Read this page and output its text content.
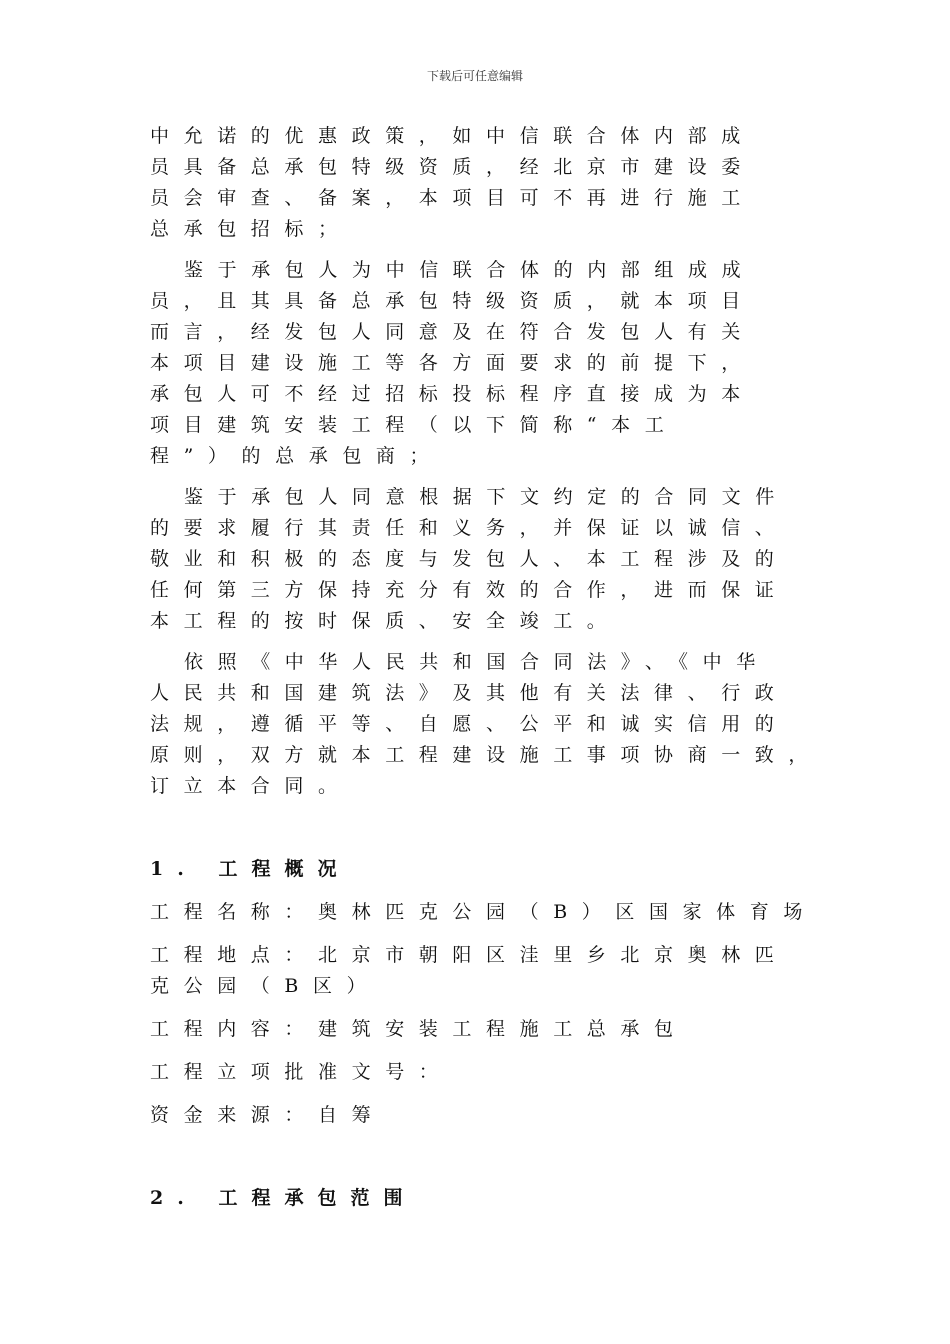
下载后可任意编辑
中允诺的优惠政策，如中信联合体内部成
员具备总承包特级资质，经北京市建设委
员会审查、备案，本项目可不再进行施工
总承包招标；
鉴于承包人为中信联合体的内部组成成
员，且其具备总承包特级资质，就本项目
而言，经发包人同意及在符合发包人有关
本项目建设施工等各方面要求的前提下，
承包人可不经过招标投标程序直接成为本
项目建筑安装工程（以下简称“本工
程”）的总承包商；
鉴于承包人同意根据下文约定的合同文件
的要求履行其责任和义务，并保证以诚信、
敬业和积极的态度与发包人、本工程涉及的
任何第三方保持充分有效的合作，进而保证
本工程的按时保质、安全竣工。
依照《中华人民共和国合同法》、《中华
人民共和国建筑法》及其他有关法律、行政
法规，遵循平等、自愿、公平和诚实信用的
原则，双方就本工程建设施工事项协商一致，
订立本合同。
1. 工程概况
工程名称：奥林匹克公园（B）区国家体育场
工程地点：北京市朝阳区洼里乡北京奥林匹
克公园（B区）
工程内容：建筑安装工程施工总承包
工程立项批准文号：
资金来源：自筹
2. 工程承包范围
